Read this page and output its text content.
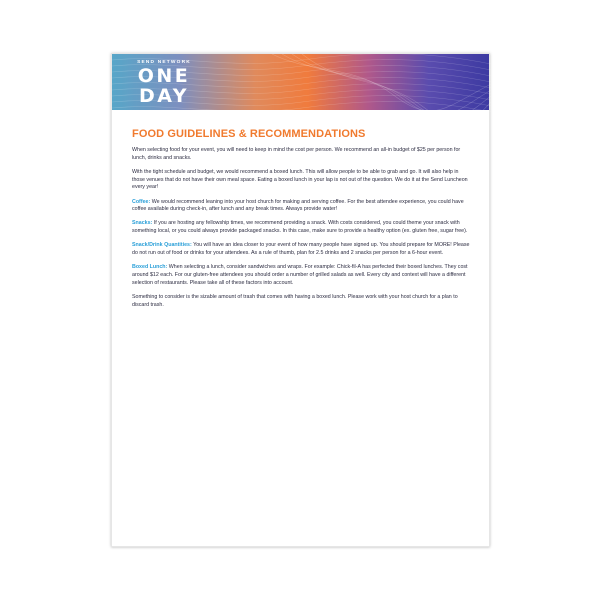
SEND NETWORK
ONE DAY
2S
FOOD GUIDELINES & RECOMMENDATIONS

When selecting food for your event, you will need to keep in mind the cost per person. We recommend an all-in budget of $25 per person for lunch, drinks and snacks.

With the tight schedule and budget, we would recommend a boxed lunch. This will allow people to be able to grab and go. It will also help in those venues that do not have their own meal space. Eating a boxed lunch in your lap is not out of the question. We do it at the Send Luncheon every year!

Coffee: We would recommend leaning into your host church for making and serving coffee. For the best attendee experience, you could have coffee available during check-in, after lunch and any break times. Always provide water!

Snacks: If you are hosting any fellowship times, we recommend providing a snack. With costs considered, you could theme your snack with something local, or you could always provide packaged snacks. In this case, make sure to provide a healthy option (ex. gluten free, sugar free).

Snack/Drink Quantities: You will have an idea closer to your event of how many people have signed up. You should prepare for MORE! Please do not run out of food or drinks for your attendees. As a rule of thumb, plan for 2.5 drinks and 2 snacks per person for a 6-hour event.

Boxed Lunch: When selecting a lunch, consider sandwiches and wraps. For example: Chick-fil-A has perfected their boxed lunches. They cost around $12 each. For our gluten-free attendees you should order a number of grilled salads as well. Every city and context will have a different selection of restaurants. Please take all of these factors into account.

Something to consider is the sizable amount of trash that comes with having a boxed lunch. Please work with your host church for a plan to discard trash.
